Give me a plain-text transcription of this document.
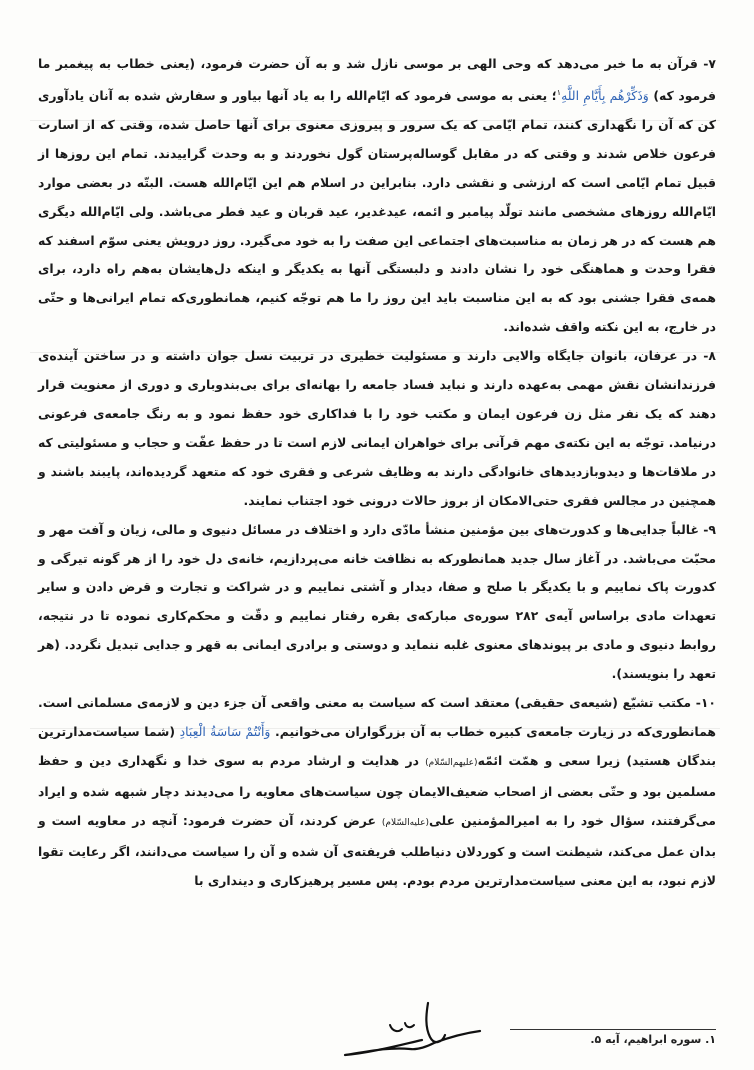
۷- قرآن به ما خبر می‌دهد که وحی الهی بر موسی نازل شد و به آن حضرت فرمود، (یعنی خطاب به پیغمبر ما فرمود که) وَذَكِّرْهُم بِأَيَّامِ اللَّهِ$^۱$؛ یعنی به موسی فرمود که ایّام‌الله را به یاد آنها بیاور و سفارش شده به آنان یادآوری کن که آن را نگهداری کنند، تمام ایّامی که یک سرور و پیروزی معنوی برای آنها حاصل شده، وقتی که از اسارت فرعون خلاص شدند و وقتی که در مقابل گوساله‌پرستان گول نخوردند و به وحدت گراییدند. تمام این روزها از قبیل تمام ایّامی است که ارزشی و نقشی دارد. بنابراین در اسلام هم این ایّام‌الله هست. البتّه در بعضی موارد ایّام‌الله روزهای مشخصی مانند تولّد پیامبر و ائمه، عیدغدیر، عید قربان و عید فطر می‌باشد. ولی ایّام‌الله دیگری هم هست که در هر زمان به مناسبت‌های اجتماعی این صفت را به خود می‌گیرد. روز درویش یعنی سوّم اسفند که فقرا وحدت و هماهنگی خود را نشان دادند و دلبستگی آنها به یکدیگر و اینکه دل‌هایشان به‌هم راه دارد، برای همه‌ی فقرا جشنی بود که به این مناسبت باید این روز را ما هم توجّه کنیم، همانطوری‌که تمام ایرانی‌ها و حتّی در خارج، به این نکته واقف شده‌اند.

۸- در عرفان، بانوان جایگاه والایی دارند و مسئولیت خطیری در تربیت نسل جوان داشته و در ساختن آینده‌ی فرزندانشان نقش مهمی به‌عهده دارند و نباید فساد جامعه را بهانه‌ای برای بی‌بندوباری و دوری از معنویت قرار دهند که یک نفر مثل زن فرعون ایمان و مکتب خود را با فداکاری خود حفظ نمود و به رنگ جامعه‌ی فرعونی درنیامد. توجّه به این نکته‌ی مهم قرآنی برای خواهران ایمانی لازم است تا در حفظ عفّت و حجاب و مسئولیتی که در ملاقات‌ها و دیدوبازدیدهای خانوادگی دارند به وظایف شرعی و فقری خود که متعهد گردیده‌اند، پایبند باشند و همچنین در مجالس فقری حتی‌الامکان از بروز حالات درونی خود اجتناب نمایند.

۹- غالباً جدایی‌ها و کدورت‌های بین مؤمنین منشأ مادّی دارد و اختلاف در مسائل دنیوی و مالی، زیان و آفت مهر و محبّت می‌باشد. در آغاز سال جدید همانطورکه به نظافت خانه می‌پردازیم، خانه‌ی دل خود را از هر گونه تیرگی و کدورت پاک نماییم و با یکدیگر با صلح و صفا، دیدار و آشتی نماییم و در شراکت و تجارت و قرض دادن و سایر تعهدات مادی براساس آیه‌ی ۲۸۲ سوره‌ی مبارکه‌ی بقره رفتار نماییم و دقّت و محکم‌کاری نموده تا در نتیجه، روابط دنیوی و مادی بر پیوندهای معنوی غلبه ننماید و دوستی و برادری ایمانی به قهر و جدایی تبدیل نگردد. (هر تعهد را بنویسند).

۱۰- مکتب تشیّع (شیعه‌ی حقیقی) معتقد است که سیاست به معنی واقعی آن جزء دین و لازمه‌ی مسلمانی است. همانطوری‌که در زیارت جامعه‌ی کبیره خطاب به آن بزرگواران می‌خوانیم. وَأَنْتُمْ سَاسَةُ الْعِبَادِ (شما سیاست‌مدارترین بندگان هستید) زیرا سعی و همّت ائمّه(علیهم‌السّلام) در هدایت و ارشاد مردم به سوی خدا و نگهداری دین و حفظ مسلمین بود و حتّی بعضی از اصحاب ضعیف‌الایمان چون سیاست‌های معاویه را می‌دیدند دچار شبهه شده و ایراد می‌گرفتند، سؤال خود را به امیرالمؤمنین علی(علیه‌السّلام) عرض کردند، آن حضرت فرمود: آنچه در معاویه است و بدان عمل می‌کند، شیطنت است و کوردلان دنیاطلب فریفته‌ی آن شده و آن را سیاست می‌دانند، اگر رعایت تقوا لازم نبود، به این معنی سیاست‌مدارترین مردم بودم. پس مسیر پرهیزکاری و دینداری با

۱. سوره ابراهیم، آیه ۵.
